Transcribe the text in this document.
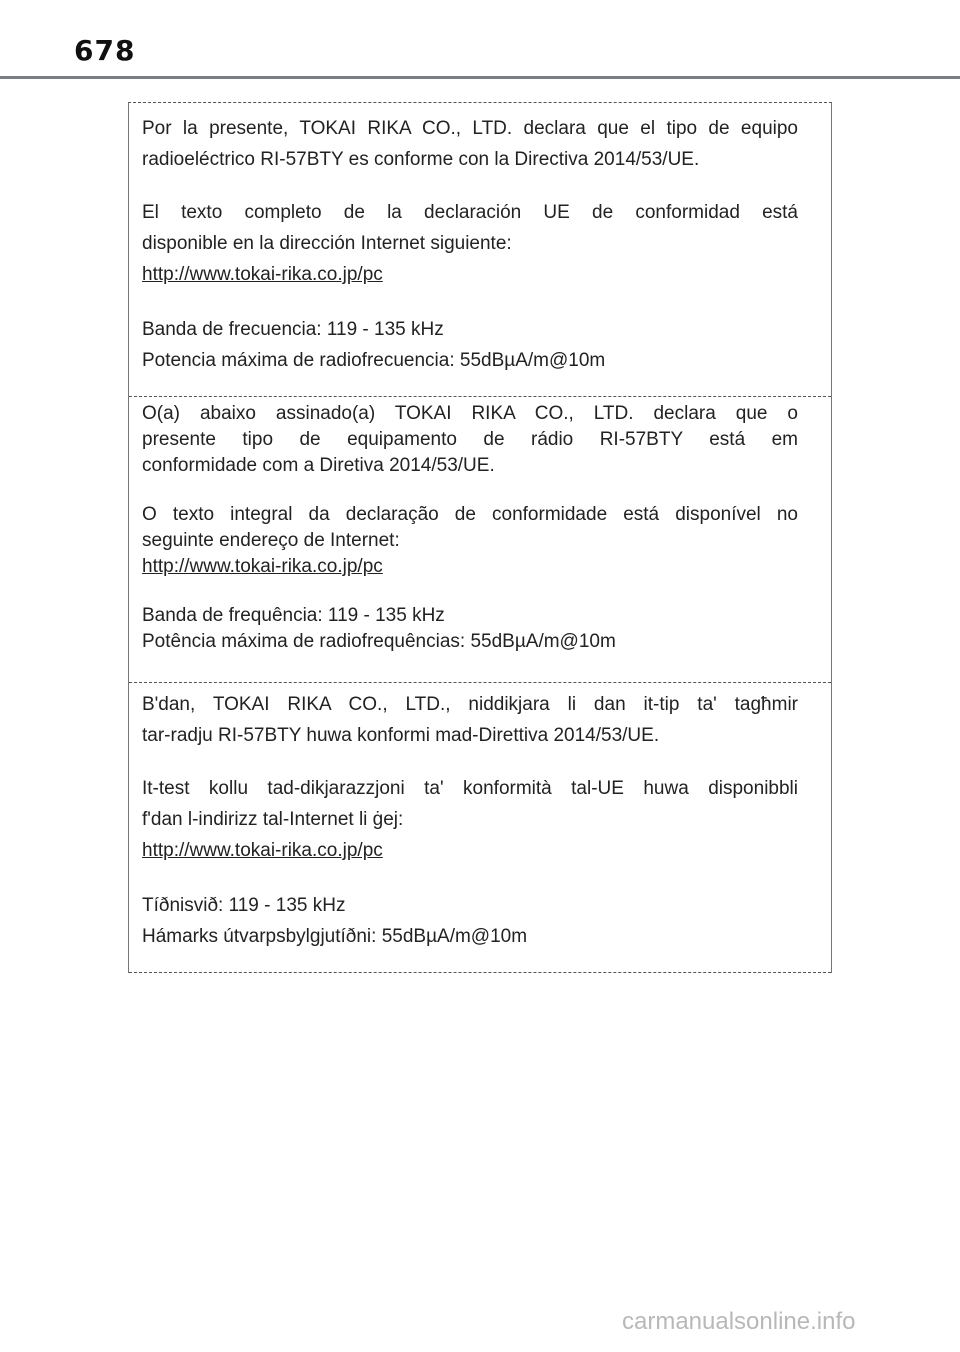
678
Por la presente, TOKAI RIKA CO., LTD. declara que el tipo de equipo
radioeléctrico RI-57BTY es conforme con la Directiva 2014/53/UE.
El texto completo de la declaración UE de conformidad está
disponible en la dirección Internet siguiente:
http://www.tokai-rika.co.jp/pc
Banda de frecuencia: 119 - 135 kHz
Potencia máxima de radiofrecuencia: 55dBµA/m@10m
O(a) abaixo assinado(a) TOKAI RIKA CO., LTD. declara que o
presente tipo de equipamento de rádio RI-57BTY está em
conformidade com a Diretiva 2014/53/UE.
O texto integral da declaração de conformidade está disponível no
seguinte endereço de Internet:
http://www.tokai-rika.co.jp/pc
Banda de frequência: 119 - 135 kHz
Potência máxima de radiofrequências: 55dBµA/m@10m
B'dan, TOKAI RIKA CO., LTD., niddikjara li dan it-tip ta' tagħmir
tar-radju RI-57BTY huwa konformi mad-Direttiva 2014/53/UE.
It-test kollu tad-dikjarazzjoni ta' konformità tal-UE huwa disponibbli
f'dan l-indirizz tal-Internet li ġej:
http://www.tokai-rika.co.jp/pc
Tíðnisvið: 119 - 135 kHz
Hámarks útvarpsbylgjutíðni: 55dBµA/m@10m
carmanualsonline.info
